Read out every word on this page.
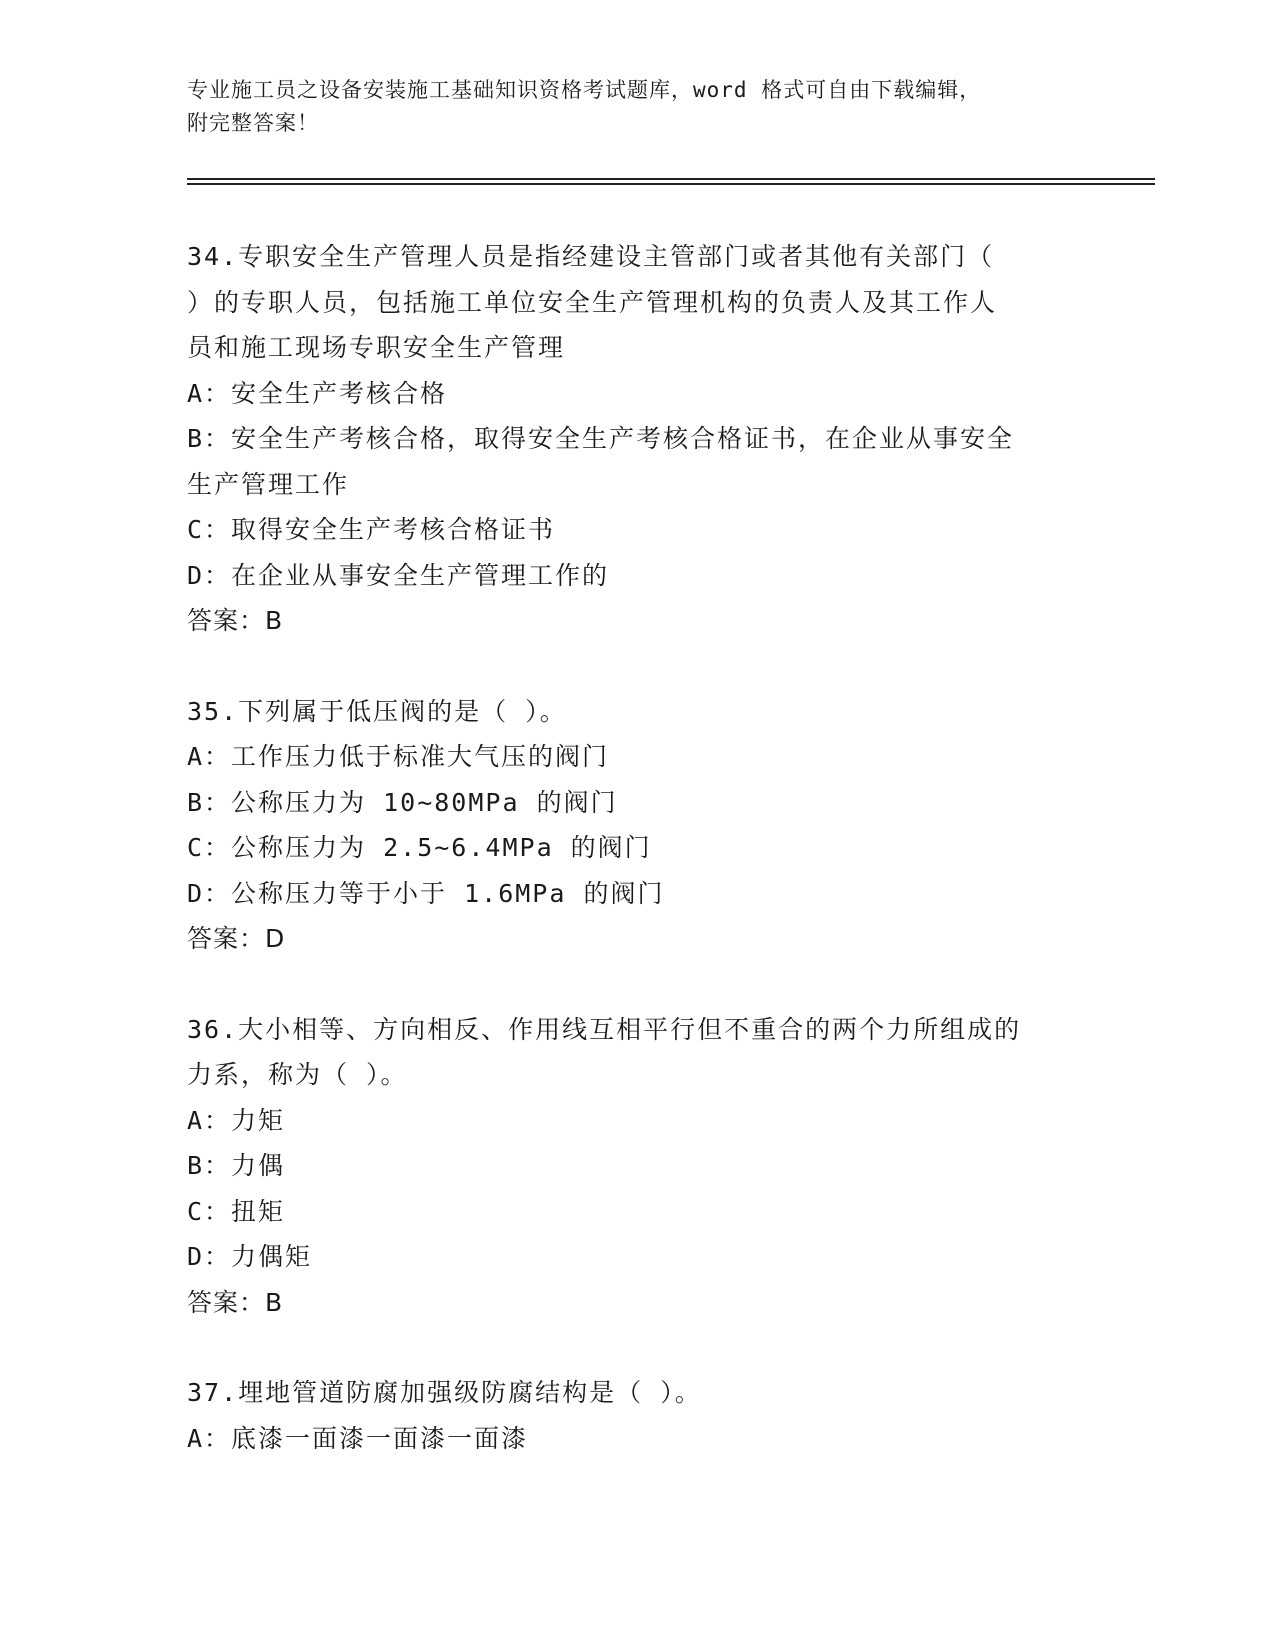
专业施工员之设备安装施工基础知识资格考试题库，word 格式可自由下载编辑，
附完整答案！
34.专职安全生产管理人员是指经建设主管部门或者其他有关部门（
）的专职人员，包括施工单位安全生产管理机构的负责人及其工作人
员和施工现场专职安全生产管理
A：安全生产考核合格
B：安全生产考核合格，取得安全生产考核合格证书，在企业从事安全
生产管理工作
C：取得安全生产考核合格证书
D：在企业从事安全生产管理工作的
答案：B
35.下列属于低压阀的是（ ）。
A：工作压力低于标准大气压的阀门
B：公称压力为 10~80MPa 的阀门
C：公称压力为 2.5~6.4MPa 的阀门
D：公称压力等于小于 1.6MPa 的阀门
答案：D
36.大小相等、方向相反、作用线互相平行但不重合的两个力所组成的
力系，称为（ ）。
A：力矩
B：力偶
C：扭矩
D：力偶矩
答案：B
37.埋地管道防腐加强级防腐结构是（ ）。
A：底漆一面漆一面漆一面漆
